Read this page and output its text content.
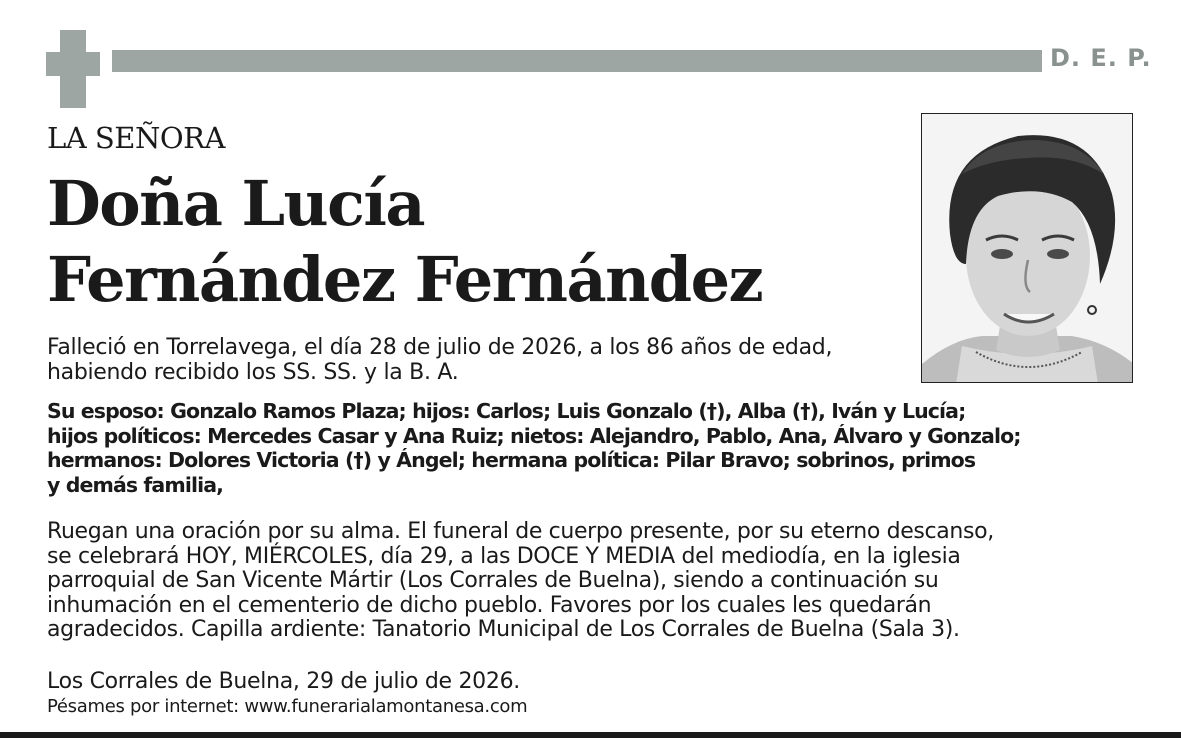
D. E. P.
LA SEÑORA
Doña Lucía
Fernández Fernández
Falleció en Torrelavega, el día 28 de julio de 2026, a los 86 años de edad,
habiendo recibido los SS. SS. y la B. A.
Su esposo: Gonzalo Ramos Plaza; hijos: Carlos; Luis Gonzalo (†), Alba (†), Iván y Lucía;
hijos políticos: Mercedes Casar y Ana Ruiz; nietos: Alejandro, Pablo, Ana, Álvaro y Gonzalo;
hermanos: Dolores Victoria (†) y Ángel; hermana política: Pilar Bravo; sobrinos, primos
y demás familia,
Ruegan una oración por su alma. El funeral de cuerpo presente, por su eterno descanso,
se celebrará HOY, MIÉRCOLES, día 29, a las DOCE Y MEDIA del mediodía, en la iglesia
parroquial de San Vicente Mártir (Los Corrales de Buelna), siendo a continuación su
inhumación en el cementerio de dicho pueblo. Favores por los cuales les quedarán
agradecidos. Capilla ardiente: Tanatorio Municipal de Los Corrales de Buelna (Sala 3).
Los Corrales de Buelna, 29 de julio de 2026.
Pésames por internet: www.funerarialamontanesa.com
